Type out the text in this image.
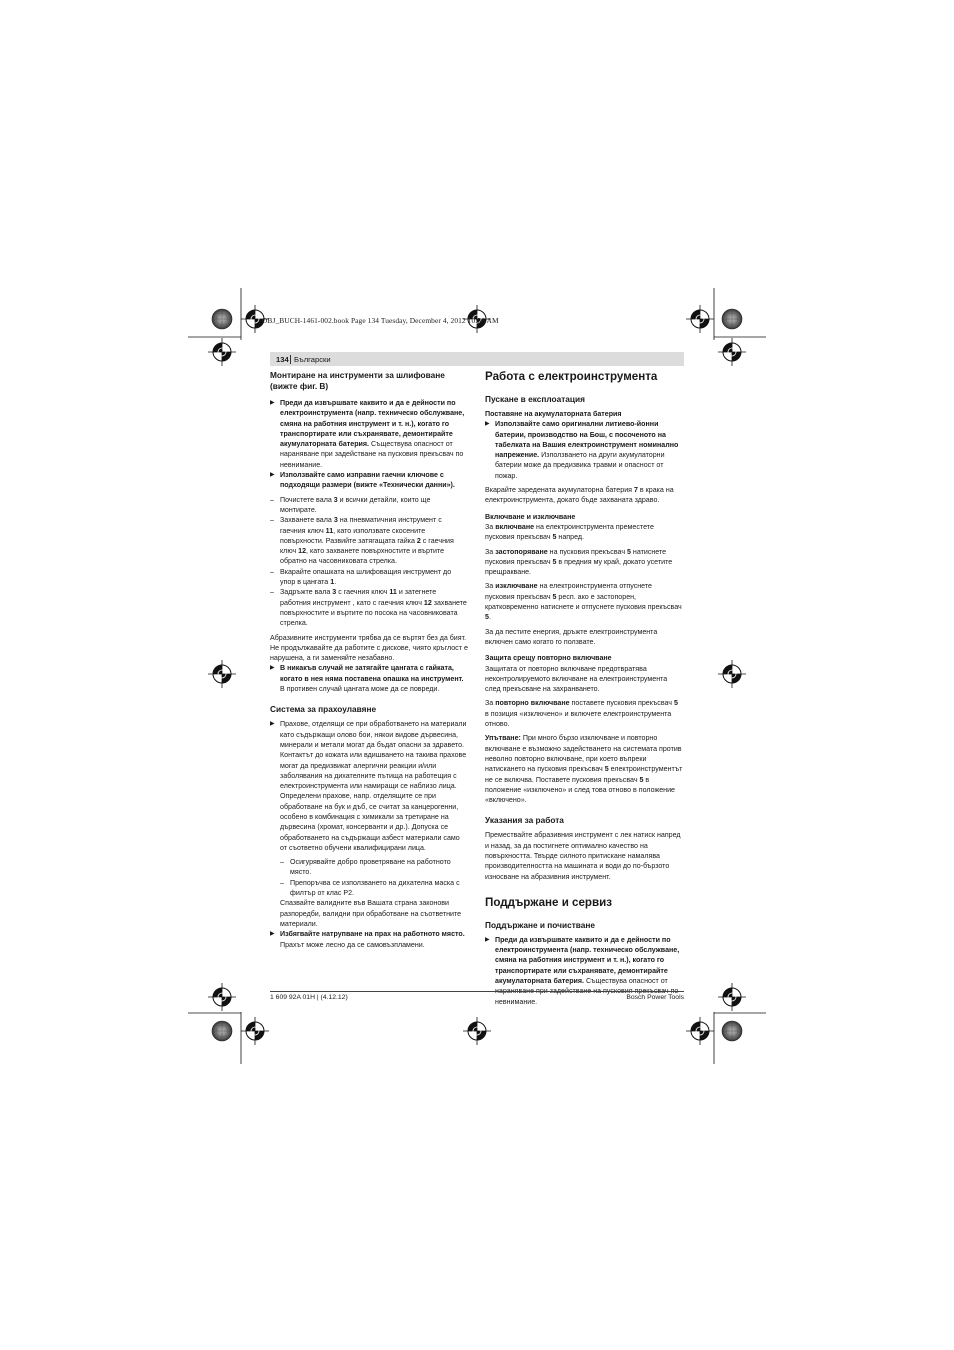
OBJ_BUCH-1461-002.book Page 134 Tuesday, December 4, 2012 10:56 AM
134 Български

Монтиране на инструменти за шлифоване (вижте фиг. B)

▶ Преди да извършвате каквито и да е дейности по електроинструмента (напр. техническо обслужване, смяна на работния инструмент и т. н.), когато го транспортирате или съхранявате, демонтирайте акумулаторната батерия. Съществува опасност от нараняване при задействане на пусковия прекъсвач по невнимание.

▶ Използвайте само изправни гаечни ключове с подходящи размери (вижте «Технически данни»).

– Почистете вала 3 и всички детайли, които ще монтирате.

– Захванете вала 3 на пневматичния инструмент с гаечния ключ 11, като използвате скосените повърхности. Развийте затягащата гайка 2 с гаечния ключ 12, като захванете повърхностите и въртите обратно на часовниковата стрелка.

– Вкарайте опашката на шлифоващия инструмент до упор в цангата 1.

– Задръжте вала 3 с гаечния ключ 11 и затегнете работния инструмент , като с гаечния ключ 12 захванете повърхностите и въртите по посока на часовниковата стрелка.

Абразивните инструменти трябва да се въртят без да бият. Не продължавайте да работите с дискове, чиято кръглост е нарушена, а ги заменяйте незабавно.

▶ В никакъв случай не затягайте цангата с гайката, когато в нея няма поставена опашка на инструмент. В противен случай цангата може да се повреди.

Система за прахоулавяне

▶ Прахове, отделящи се при обработването на материали като съдържащи олово бои, някои видове дървесина, минерали и метали могат да бъдат опасни за здравето. Контактът до кожата или вдишването на такива прахове могат да предизвикат алергични реакции и/или заболявания на дихателните пътища на работещия с електроинструмента или намиращи се наблизо лица. Определени прахове, напр. отделящите се при обработване на бук и дъб, се считат за канцерогенни, особено в комбинация с химикали за третиране на дървесина (хромат, консерванти и др.). Допуска се обработването на съдържащи азбест материали само от съответно обучени квалифицирани лица.

– Осигурявайте добро проветряване на работното място.

– Препоръчва се използването на дихателна маска с филтър от клас P2.

Спазвайте валидните във Вашата страна законови разпоредби, валидни при обработване на съответните материали.

▶ Избягвайте натрупване на прах на работното място. Прахът може лесно да се самовъзпламени.

Работа с електроинструмента

Пускане в експлоатация

Поставяне на акумулаторната батерия

▶ Използвайте само оригинални литиево-йонни батерии, производство на Бош, с посоченото на табелката на Вашия електроинструмент номинално напрежение. Използването на други акумулаторни батерии може да предизвика травми и опасност от пожар.

Вкарайте заредената акумулаторна батерия 7 в крака на електроинструмента, докато бъде захваната здраво.

Включване и изключване

За включване на електроинструмента преместете пусковия прекъсвач 5 напред.

За застопоряване на пусковия прекъсвач 5 натиснете пусковия прекъсвач 5 в предния му край, докато усетите прещракване.

За изключване на електроинструмента отпуснете пусковия прекъсвач 5 респ. ако е застопорен, кратковременно натиснете и отпуснете пусковия прекъсвач 5.

За да пестите енергия, дръжте електроинструмента включен само когато го ползвате.

Защита срещу повторно включване

Защитата от повторно включване предотвратява неконтролируемото включване на електроинструмента след прекъсване на захранването.

За повторно включване поставете пусковия прекъсвач 5 в позиция «изключено» и включете електроинструмента отново.

Упътване: При много бързо изключване и повторно включване е възможно задействането на системата против неволно повторно включване, при което въпреки натискането на пусковия прекъсвач 5 електроинструментът не се включва. Поставете пусковия прекъсвач 5 в положение «изключено» и след това отново в положение «включено».

Указания за работа

Премествайте абразивния инструмент с лек натиск напред и назад, за да постигнете оптимално качество на повърхността. Твърде силното притискане намалява производителността на машината и води до по-бързото износване на абразивния инструмент.

Поддържане и сервиз

Поддържане и почистване

▶ Преди да извършвате каквито и да е дейности по електроинструмента (напр. техническо обслужване, смяна на работния инструмент и т. н.), когато го транспортирате или съхранявате, демонтирайте акумулаторната батерия. Съществува опасност от невнимание.

1 609 92A 01H | (4.12.12)	Bosch Power Tools
